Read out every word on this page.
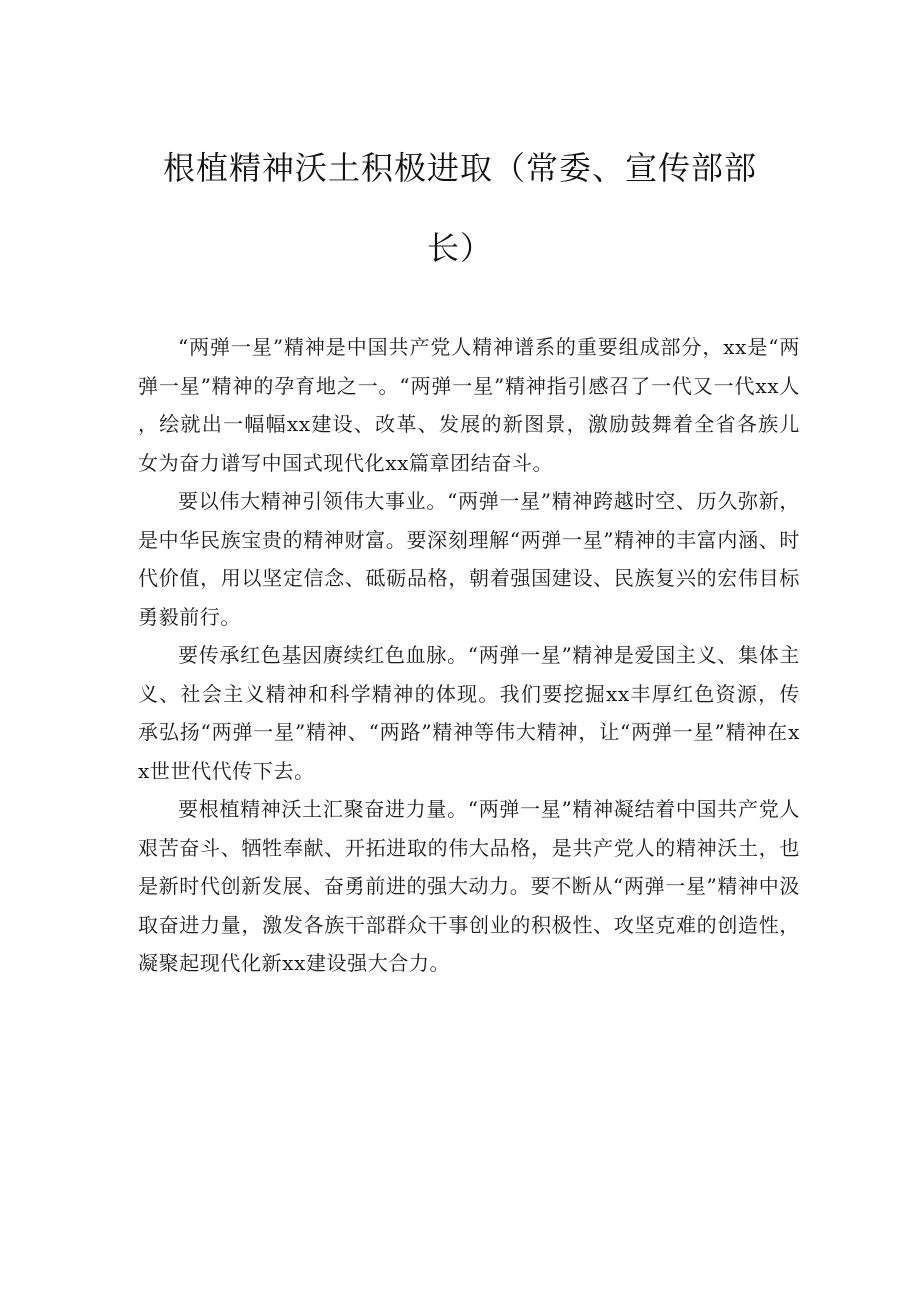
根植精神沃土积极进取（常委、宣传部部
长）

“两弹一星”精神是中国共产党人精神谱系的重要组成部分，xx是“两弹一星”精神的孕育地之一。“两弹一星”精神指引感召了一代又一代xx人，绘就出一幅幅xx建设、改革、发展的新图景，激励鼓舞着全省各族儿女为奋力谱写中国式现代化xx篇章团结奋斗。

要以伟大精神引领伟大事业。“两弹一星”精神跨越时空、历久弥新，是中华民族宝贵的精神财富。要深刻理解“两弹一星”精神的丰富内涵、时代价值，用以坚定信念、砥砺品格，朝着强国建设、民族复兴的宏伟目标勇毅前行。

要传承红色基因赓续红色血脉。“两弹一星”精神是爱国主义、集体主义、社会主义精神和科学精神的体现。我们要挖掘xx丰厚红色资源，传承弘扬“两弹一星”精神、“两路”精神等伟大精神，让“两弹一星”精神在xx世世代代传下去。

要根植精神沃土汇聚奋进力量。“两弹一星”精神凝结着中国共产党人艰苦奋斗、牺牲奉献、开拓进取的伟大品格，是共产党人的精神沃土，也是新时代创新发展、奋勇前进的强大动力。要不断从“两弹一星”精神中汲取奋进力量，激发各族干部群众干事创业的积极性、攻坚克难的创造性，凝聚起现代化新xx建设强大合力。
